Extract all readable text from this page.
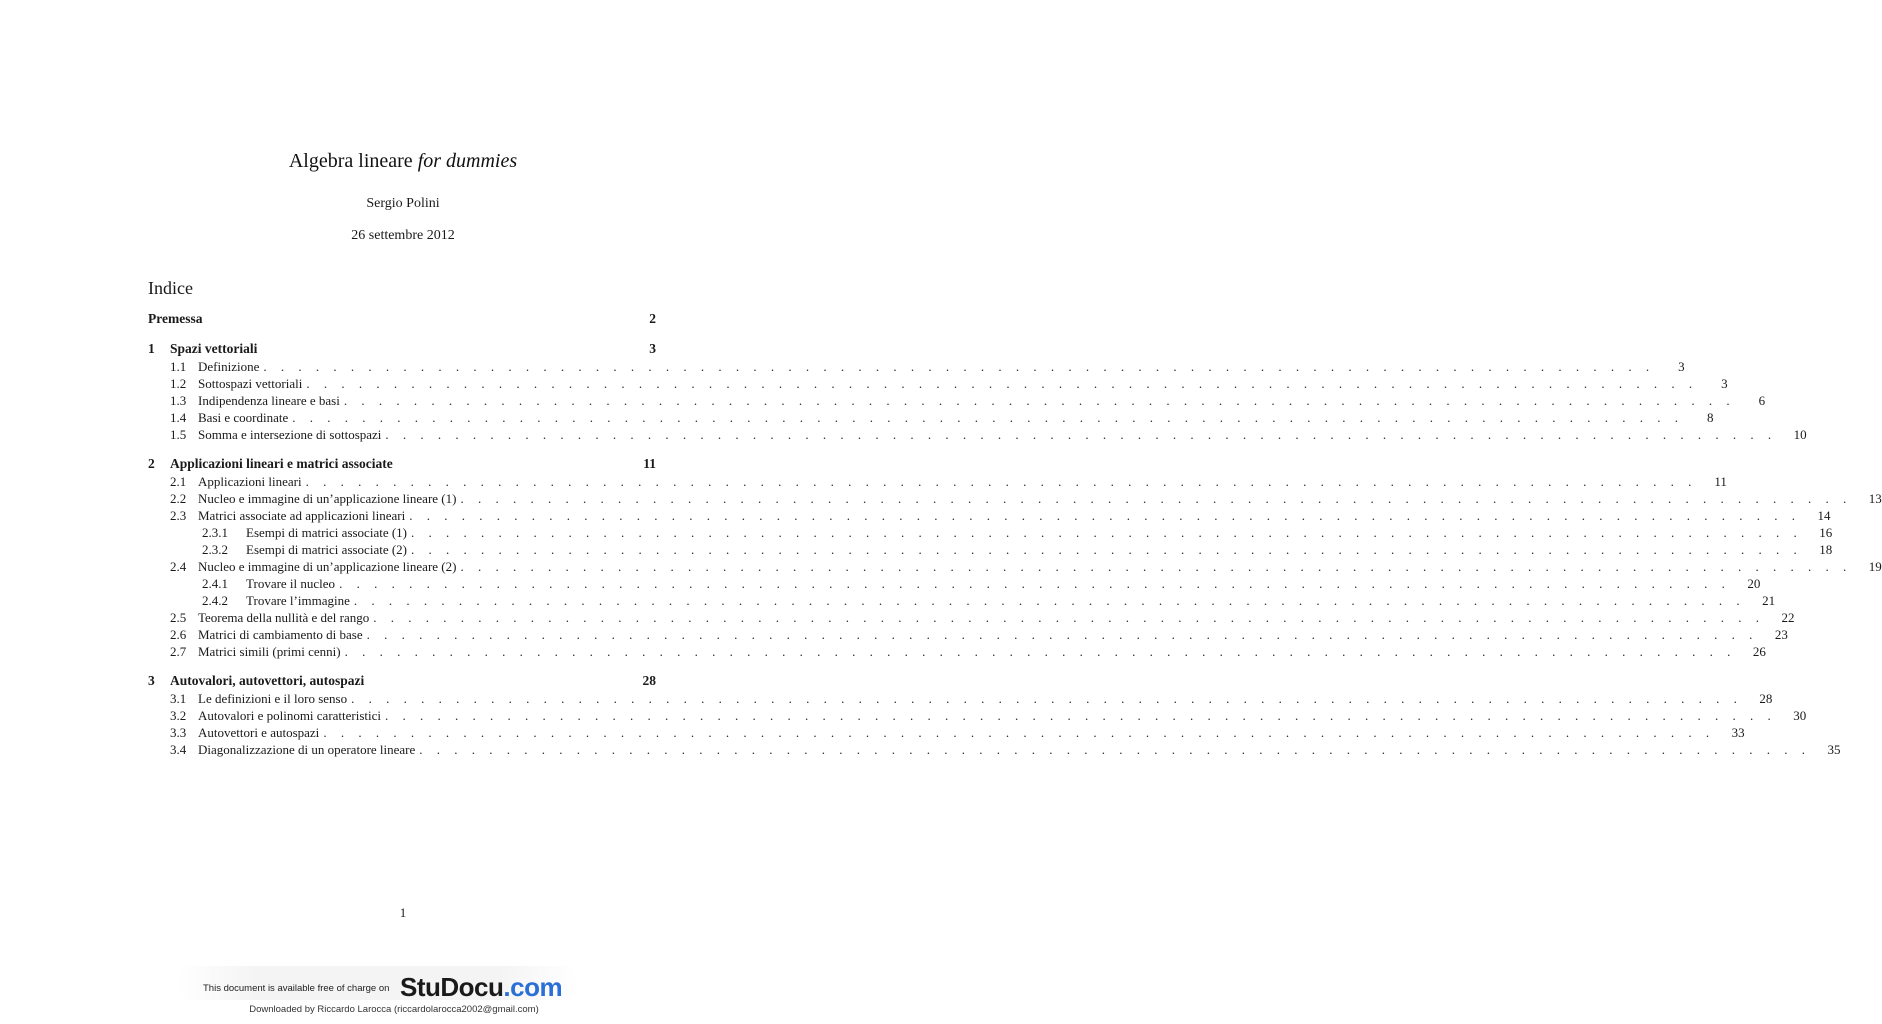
Algebra lineare for dummies
Sergio Polini
26 settembre 2012
Indice
Premessa	2
1	Spazi vettoriali	3
1.1 Definizione . . . . . . . . . . . . . . . . . . . . . . . . . . . . . . . . . . . . . . . . . . . . . . . . . . . . . . . . . . . . . . . . . . . . . . . . . . . . . . . .	3
1.2 Sottospazi vettoriali . . . . . . . . . . . . . . . . . . . . . . . . . . . . . . . . . . . . . . . . . . . . . . . . . . . . . . . . . . . . . . . . . . . . . . . . . . . . . . . .	3
1.3 Indipendenza lineare e basi . . . . . . . . . . . . . . . . . . . . . . . . . . . . . . . . . . . . . . . . . . . . . . . . . . . . . . . . . . . . . . . . . . . . . . . . . . . . . . . .	6
1.4 Basi e coordinate . . . . . . . . . . . . . . . . . . . . . . . . . . . . . . . . . . . . . . . . . . . . . . . . . . . . . . . . . . . . . . . . . . . . . . . . . . . . . . . .	8
1.5 Somma e intersezione di sottospazi . . . . . . . . . . . . . . . . . . . . . . . . . . . . . . . . . . . . . . . . . . . . . . . . . . . . . . . . . . . . . . . . . . . . . . . . . . . . . . . .	10
2	Applicazioni lineari e matrici associate	11
2.1 Applicazioni lineari . . . . . . . . . . . . . . . . . . . . . . . . . . . . . . . . . . . . . . . . . . . . . . . . . . . . . . . . . . . . . . . . . . . . . . . . . . . . . . . .	11
2.2 Nucleo e immagine di un’applicazione lineare (1) . . . . . . . . . . . . . . . . . . . . . . . . . . . . . . . . . . . . . . . . . . . . . . . . . . . . . . . . . . . . . . . . . . . . . . . . . . . . . . . .	13
2.3 Matrici associate ad applicazioni lineari . . . . . . . . . . . . . . . . . . . . . . . . . . . . . . . . . . . . . . . . . . . . . . . . . . . . . . . . . . . . . . . . . . . . . . . . . . . . . . . .	14
2.3.1	Esempi di matrici associate (1) . . . . . . . . . . . . . . . . . . . . . . . . . . . . . . . . . . . . . . . . . . . . . . . . . . . . . . . . . . . . . . . . . . . . . . . . . . . . . . . .	16
2.3.2	Esempi di matrici associate (2) . . . . . . . . . . . . . . . . . . . . . . . . . . . . . . . . . . . . . . . . . . . . . . . . . . . . . . . . . . . . . . . . . . . . . . . . . . . . . . . .	18
2.4 Nucleo e immagine di un’applicazione lineare (2) . . . . . . . . . . . . . . . . . . . . . . . . . . . . . . . . . . . . . . . . . . . . . . . . . . . . . . . . . . . . . . . . . . . . . . . . . . . . . . . .	19
2.4.1	Trovare il nucleo . . . . . . . . . . . . . . . . . . . . . . . . . . . . . . . . . . . . . . . . . . . . . . . . . . . . . . . . . . . . . . . . . . . . . . . . . . . . . . . .	20
2.4.2	Trovare l’immagine . . . . . . . . . . . . . . . . . . . . . . . . . . . . . . . . . . . . . . . . . . . . . . . . . . . . . . . . . . . . . . . . . . . . . . . . . . . . . . . .	21
2.5 Teorema della nullità e del rango . . . . . . . . . . . . . . . . . . . . . . . . . . . . . . . . . . . . . . . . . . . . . . . . . . . . . . . . . . . . . . . . . . . . . . . . . . . . . . . .	22
2.6 Matrici di cambiamento di base . . . . . . . . . . . . . . . . . . . . . . . . . . . . . . . . . . . . . . . . . . . . . . . . . . . . . . . . . . . . . . . . . . . . . . . . . . . . . . . .	23
2.7 Matrici simili (primi cenni) . . . . . . . . . . . . . . . . . . . . . . . . . . . . . . . . . . . . . . . . . . . . . . . . . . . . . . . . . . . . . . . . . . . . . . . . . . . . . . . .	26
3	Autovalori, autovettori, autospazi	28
3.1 Le definizioni e il loro senso . . . . . . . . . . . . . . . . . . . . . . . . . . . . . . . . . . . . . . . . . . . . . . . . . . . . . . . . . . . . . . . . . . . . . . . . . . . . . . . .	28
3.2 Autovalori e polinomi caratteristici . . . . . . . . . . . . . . . . . . . . . . . . . . . . . . . . . . . . . . . . . . . . . . . . . . . . . . . . . . . . . . . . . . . . . . . . . . . . . . . .	30
3.3 Autovettori e autospazi . . . . . . . . . . . . . . . . . . . . . . . . . . . . . . . . . . . . . . . . . . . . . . . . . . . . . . . . . . . . . . . . . . . . . . . . . . . . . . . .	33
3.4 Diagonalizzazione di un operatore lineare . . . . . . . . . . . . . . . . . . . . . . . . . . . . . . . . . . . . . . . . . . . . . . . . . . . . . . . . . . . . . . . . . . . . . . . . . . . . . . . .	35
1
This document is available free of charge on StuDocu.com
Downloaded by Riccardo Larocca (riccardolarocca2002@gmail.com)
